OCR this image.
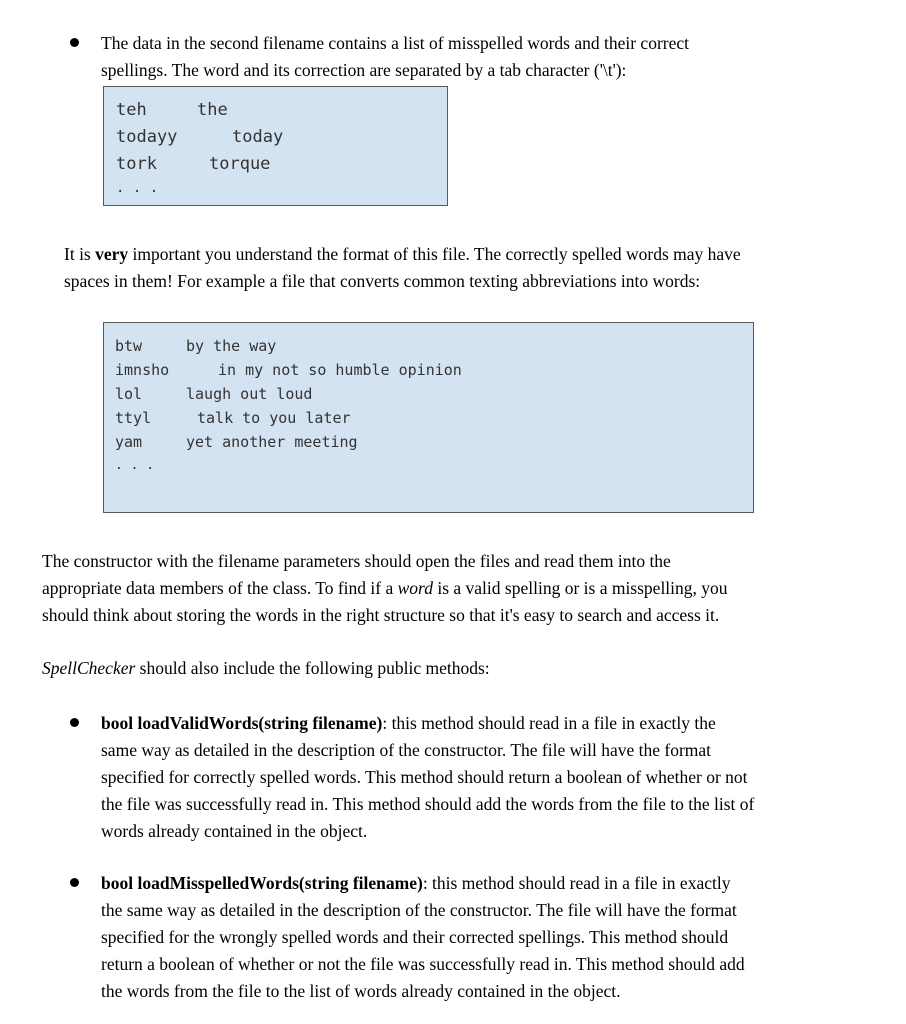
The data in the second filename contains a list of misspelled words and their correct
spellings. The word and its correction are separated by a tab character ('\t'):
teh	the
todayy	today
tork	torque
. . .
It is very important you understand the format of this file. The correctly spelled words may have
spaces in them! For example a file that converts common texting abbreviations into words:
btw	by the way
imnsho	in my not so humble opinion
lol	laugh out loud
ttyl	talk to you later
yam	yet another meeting
. . .
The constructor with the filename parameters should open the files and read them into the
appropriate data members of the class. To find if a word is a valid spelling or is a misspelling, you
should think about storing the words in the right structure so that it's easy to search and access it.
SpellChecker should also include the following public methods:
bool loadValidWords(string filename): this method should read in a file in exactly the
same way as detailed in the description of the constructor. The file will have the format
specified for correctly spelled words. This method should return a boolean of whether or not
the file was successfully read in. This method should add the words from the file to the list of
words already contained in the object.
bool loadMisspelledWords(string filename): this method should read in a file in exactly
the same way as detailed in the description of the constructor. The file will have the format
specified for the wrongly spelled words and their corrected spellings. This method should
return a boolean of whether or not the file was successfully read in. This method should add
the words from the file to the list of words already contained in the object.
